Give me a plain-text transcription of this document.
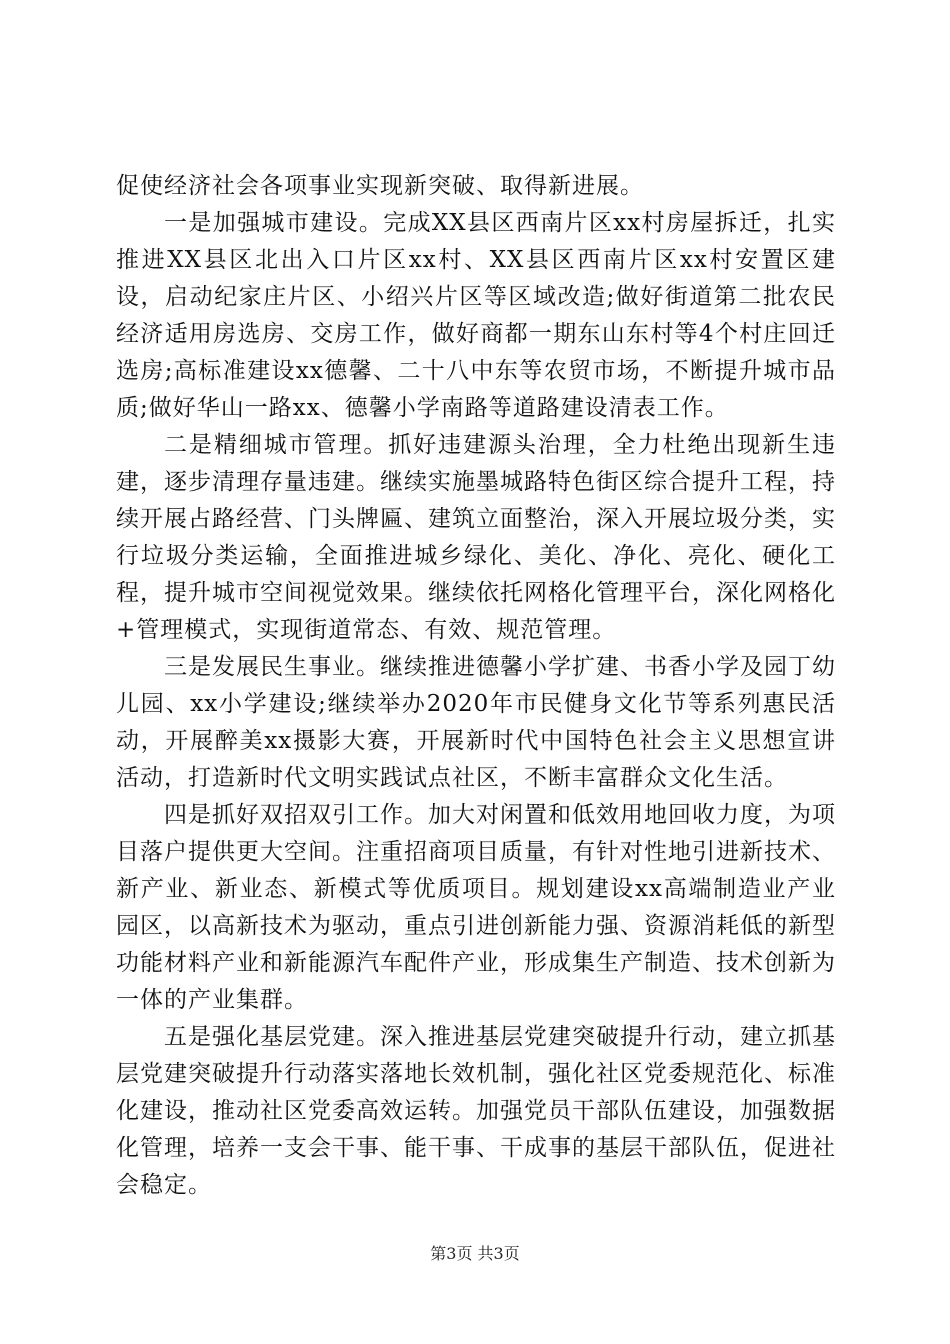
促使经济社会各项事业实现新突破、取得新进展。

一是加强城市建设。完成XX县区西南片区xx村房屋拆迁，扎实推进XX县区北出入口片区xx村、XX县区西南片区xx村安置区建设，启动纪家庄片区、小绍兴片区等区域改造;做好街道第二批农民经济适用房选房、交房工作，做好商都一期东山东村等4个村庄回迁选房;高标准建设xx德馨、二十八中东等农贸市场，不断提升城市品质;做好华山一路xx、德馨小学南路等道路建设清表工作。

二是精细城市管理。抓好违建源头治理，全力杜绝出现新生违建，逐步清理存量违建。继续实施墨城路特色街区综合提升工程，持续开展占路经营、门头牌匾、建筑立面整治，深入开展垃圾分类，实行垃圾分类运输，全面推进城乡绿化、美化、净化、亮化、硬化工程，提升城市空间视觉效果。继续依托网格化管理平台，深化网格化+管理模式，实现街道常态、有效、规范管理。

三是发展民生事业。继续推进德馨小学扩建、书香小学及园丁幼儿园、xx小学建设;继续举办2020年市民健身文化节等系列惠民活动，开展醉美xx摄影大赛，开展新时代中国特色社会主义思想宣讲活动，打造新时代文明实践试点社区，不断丰富群众文化生活。

四是抓好双招双引工作。加大对闲置和低效用地回收力度，为项目落户提供更大空间。注重招商项目质量，有针对性地引进新技术、新产业、新业态、新模式等优质项目。规划建设xx高端制造业产业园区，以高新技术为驱动，重点引进创新能力强、资源消耗低的新型功能材料产业和新能源汽车配件产业，形成集生产制造、技术创新为一体的产业集群。

五是强化基层党建。深入推进基层党建突破提升行动，建立抓基层党建突破提升行动落实落地长效机制，强化社区党委规范化、标准化建设，推动社区党委高效运转。加强党员干部队伍建设，加强数据化管理，培养一支会干事、能干事、干成事的基层干部队伍，促进社会稳定。

第3页 共3页
